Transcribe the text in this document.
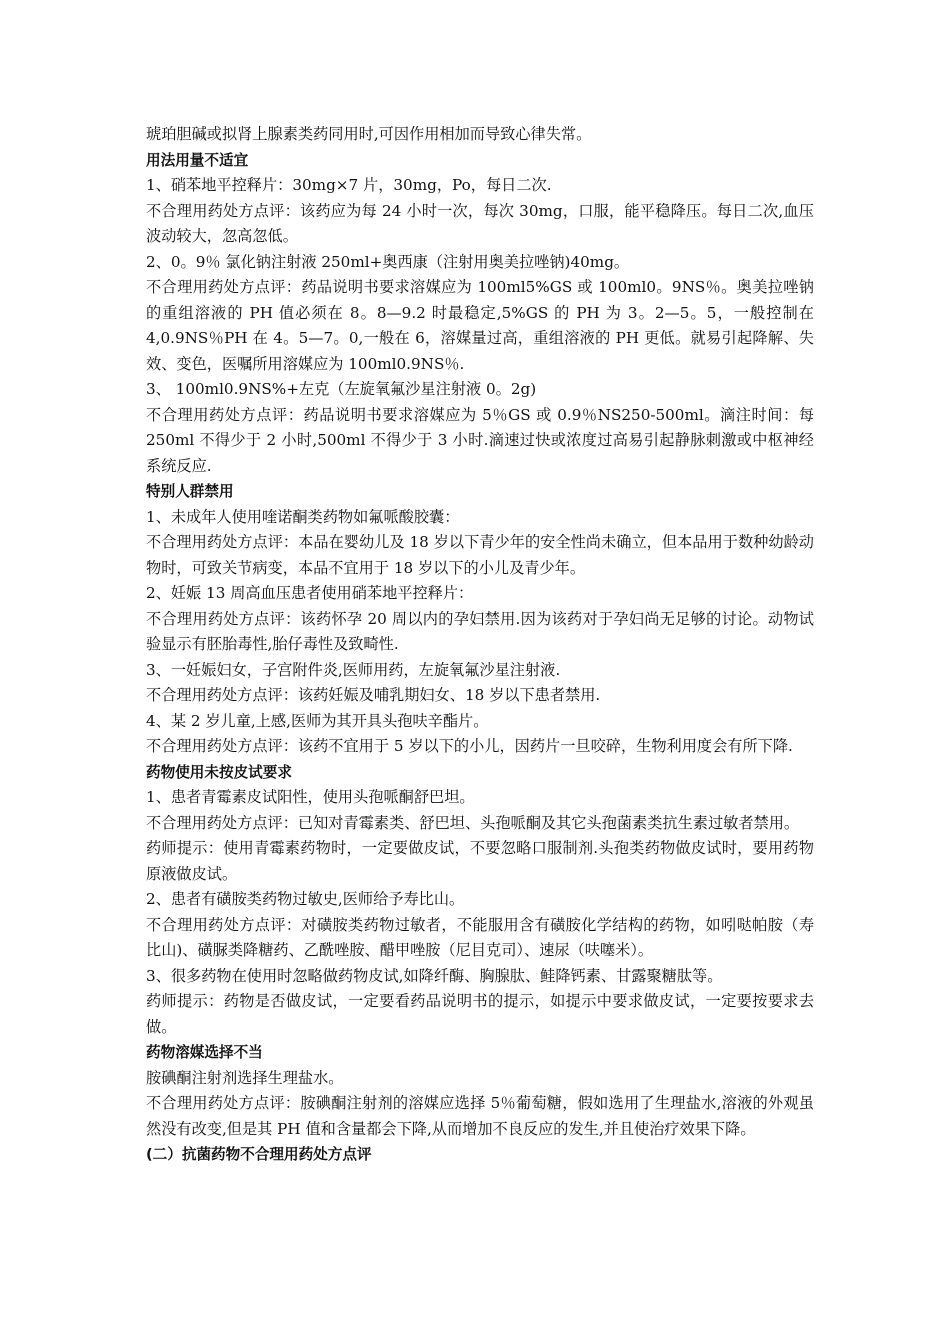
琥珀胆碱或拟肾上腺素类药同用时,可因作用相加而导致心律失常。

用法用量不适宜

1、硝苯地平控释片：30mg×7 片，30mg，Po，每日二次.

不合理用药处方点评：该药应为每 24 小时一次，每次 30mg，口服，能平稳降压。每日二次,血压波动较大，忽高忽低。

2、0。9％ 氯化钠注射液 250ml+奥西康（注射用奥美拉唑钠)40mg。

不合理用药处方点评：药品说明书要求溶媒应为 100ml5%GS 或 100ml0。9NS％。奥美拉唑钠的重组溶液的 PH 值必须在 8。8—9.2 时最稳定,5%GS 的 PH 为 3。2—5。5，一般控制在 4,0.9NS％PH 在 4。5—7。0,一般在 6，溶媒量过高，重组溶液的 PH 更低。就易引起降解、失效、变色，医嘱所用溶媒应为 100ml0.9NS％.

3、 100ml0.9NS%+左克（左旋氧氟沙星注射液 0。2g)

不合理用药处方点评：药品说明书要求溶媒应为 5％GS 或 0.9％NS250-500ml。滴注时间：每 250ml 不得少于 2 小时,500ml 不得少于 3 小时.滴速过快或浓度过高易引起静脉刺激或中枢神经系统反应.

特别人群禁用

1、未成年人使用喹诺酮类药物如氟哌酸胶囊：

不合理用药处方点评：本品在婴幼儿及 18 岁以下青少年的安全性尚未确立，但本品用于数种幼龄动物时，可致关节病变，本品不宜用于 18 岁以下的小儿及青少年。

2、妊娠 13 周高血压患者使用硝苯地平控释片：

不合理用药处方点评：该药怀孕 20 周以内的孕妇禁用.因为该药对于孕妇尚无足够的讨论。动物试验显示有胚胎毒性,胎仔毒性及致畸性.

3、一妊娠妇女，子宫附件炎,医师用药，左旋氧氟沙星注射液.

不合理用药处方点评：该药妊娠及哺乳期妇女、18 岁以下患者禁用.

4、某 2 岁儿童,上感,医师为其开具头孢呋辛酯片。

不合理用药处方点评：该药不宜用于 5 岁以下的小儿，因药片一旦咬碎，生物利用度会有所下降.

药物使用未按皮试要求

1、患者青霉素皮试阳性，使用头孢哌酮舒巴坦。

不合理用药处方点评：已知对青霉素类、舒巴坦、头孢哌酮及其它头孢菌素类抗生素过敏者禁用。

药师提示：使用青霉素药物时，一定要做皮试，不要忽略口服制剂.头孢类药物做皮试时，要用药物原液做皮试。

2、患者有磺胺类药物过敏史,医师给予寿比山。

不合理用药处方点评：对磺胺类药物过敏者，不能服用含有磺胺化学结构的药物，如吲哒帕胺（寿比山)、磺脲类降糖药、乙酰唑胺、醋甲唑胺（尼目克司）、速尿（呋噻米）。

3、很多药物在使用时忽略做药物皮试,如降纤酶、胸腺肽、鲑降钙素、甘露聚糖肽等。

药师提示：药物是否做皮试，一定要看药品说明书的提示，如提示中要求做皮试，一定要按要求去做。

药物溶媒选择不当

胺碘酮注射剂选择生理盐水。

不合理用药处方点评：胺碘酮注射剂的溶媒应选择 5％葡萄糖，假如选用了生理盐水,溶液的外观虽然没有改变,但是其 PH 值和含量都会下降,从而增加不良反应的发生,并且使治疗效果下降。

(二）抗菌药物不合理用药处方点评
